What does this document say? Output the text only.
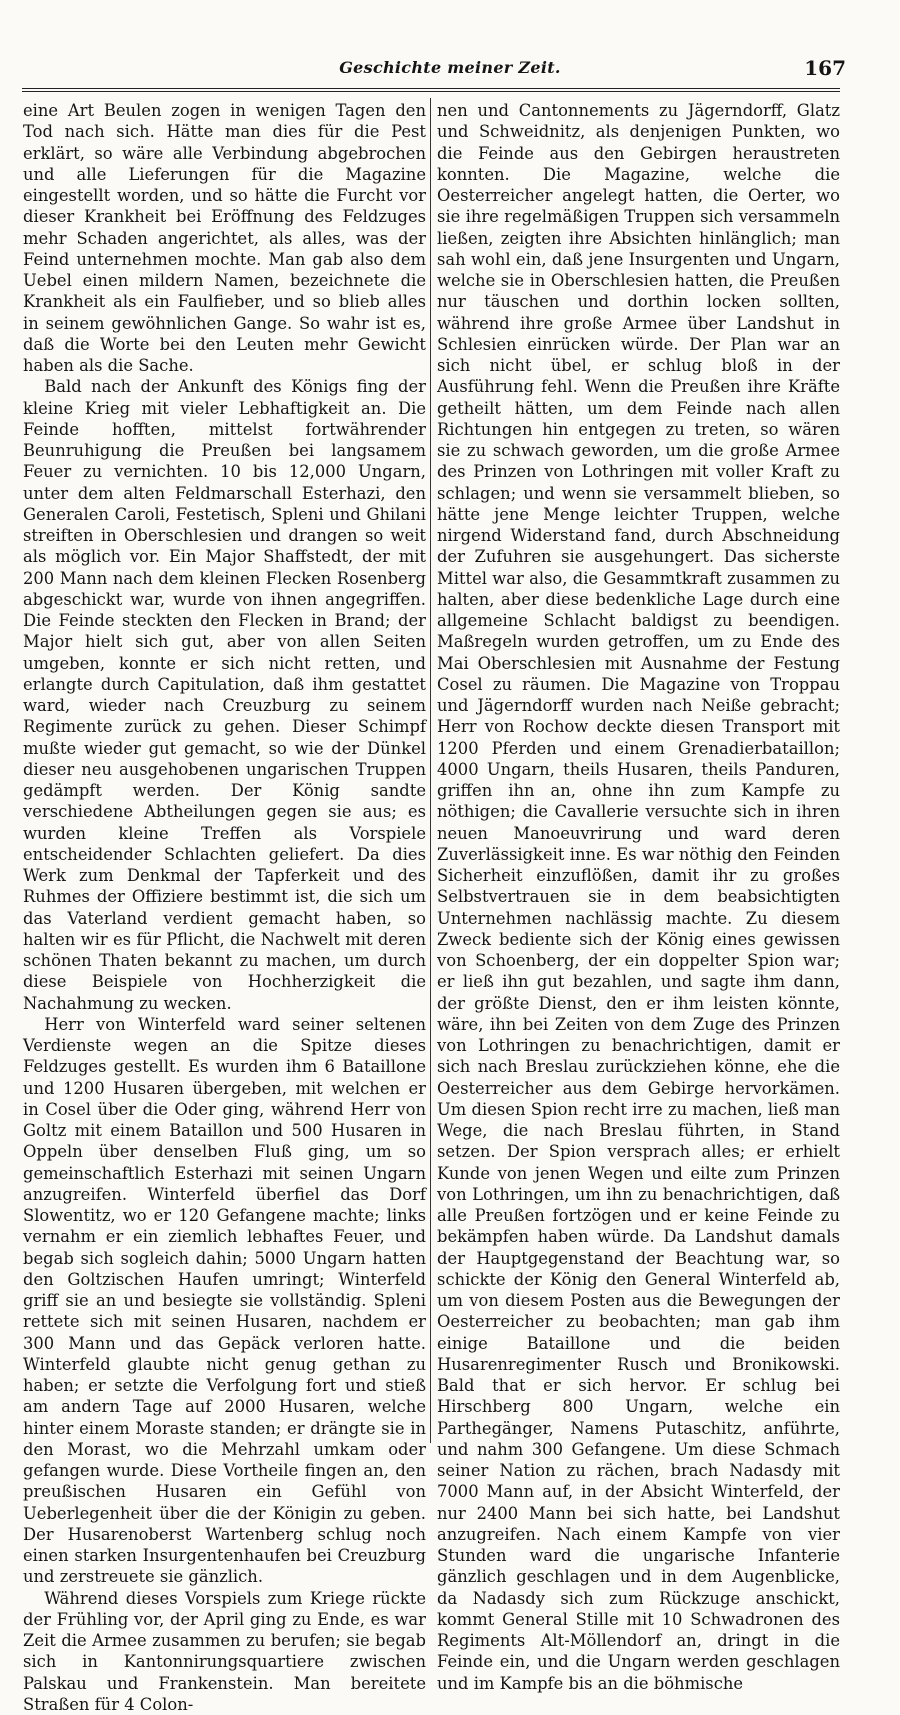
Geschichte meiner Zeit.	167

eine Art Beulen zogen in wenigen Tagen den Tod nach sich. Hätte man dies für die Pest erklärt, so wäre alle Verbindung abgebrochen und alle Lieferungen für die Magazine eingestellt worden, und so hätte die Furcht vor dieser Krankheit bei Eröffnung des Feldzuges mehr Schaden angerichtet, als alles, was der Feind unternehmen mochte. Man gab also dem Uebel einen mildern Namen, bezeichnete die Krankheit als ein Faulfieber, und so blieb alles in seinem gewöhnlichen Gange. So wahr ist es, daß die Worte bei den Leuten mehr Gewicht haben als die Sache.

Bald nach der Ankunft des Königs fing der kleine Krieg mit vieler Lebhaftigkeit an. Die Feinde hofften, mittelst fortwährender Beunruhigung die Preußen bei langsamem Feuer zu vernichten. 10 bis 12,000 Ungarn, unter dem alten Feldmarschall Esterhazi, den Generalen Caroli, Festetisch, Spleni und Ghilani streiften in Oberschlesien und drangen so weit als möglich vor. Ein Major Shaffstedt, der mit 200 Mann nach dem kleinen Flecken Rosenberg abgeschickt war, wurde von ihnen angegriffen. Die Feinde steckten den Flecken in Brand; der Major hielt sich gut, aber von allen Seiten umgeben, konnte er sich nicht retten, und erlangte durch Capitulation, daß ihm gestattet ward, wieder nach Creuzburg zu seinem Regimente zurück zu gehen. Dieser Schimpf mußte wieder gut gemacht, so wie der Dünkel dieser neu ausgehobenen ungarischen Truppen gedämpft werden. Der König sandte verschiedene Abtheilungen gegen sie aus; es wurden kleine Treffen als Vorspiele entscheidender Schlachten geliefert. Da dies Werk zum Denkmal der Tapferkeit und des Ruhmes der Offiziere bestimmt ist, die sich um das Vaterland verdient gemacht haben, so halten wir es für Pflicht, die Nachwelt mit deren schönen Thaten bekannt zu machen, um durch diese Beispiele von Hochherzigkeit die Nachahmung zu wecken.

Herr von Winterfeld ward seiner seltenen Verdienste wegen an die Spitze dieses Feldzuges gestellt. Es wurden ihm 6 Bataillone und 1200 Husaren übergeben, mit welchen er in Cosel über die Oder ging, während Herr von Goltz mit einem Bataillon und 500 Husaren in Oppeln über denselben Fluß ging, um so gemeinschaftlich Esterhazi mit seinen Ungarn anzugreifen. Winterfeld überfiel das Dorf Slowentitz, wo er 120 Gefangene machte; links vernahm er ein ziemlich lebhaftes Feuer, und begab sich sogleich dahin; 5000 Ungarn hatten den Goltzischen Haufen umringt; Winterfeld griff sie an und besiegte sie vollständig. Spleni rettete sich mit seinen Husaren, nachdem er 300 Mann und das Gepäck verloren hatte. Winterfeld glaubte nicht genug gethan zu haben; er setzte die Verfolgung fort und stieß am andern Tage auf 2000 Husaren, welche hinter einem Moraste standen; er drängte sie in den Morast, wo die Mehrzahl umkam oder gefangen wurde. Diese Vortheile fingen an, den preußischen Husaren ein Gefühl von Ueberlegenheit über die der Königin zu geben. Der Husarenoberst Wartenberg schlug noch einen starken Insurgentenhaufen bei Creuzburg und zerstreuete sie gänzlich.

Während dieses Vorspiels zum Kriege rückte der Frühling vor, der April ging zu Ende, es war Zeit die Armee zusammen zu berufen; sie begab sich in Kantonnirungsquartiere zwischen Palskau und Frankenstein. Man bereitete Straßen für 4 Colon-

nen und Cantonnements zu Jägerndorff, Glatz und Schweidnitz, als denjenigen Punkten, wo die Feinde aus den Gebirgen heraustreten konnten. Die Magazine, welche die Oesterreicher angelegt hatten, die Oerter, wo sie ihre regelmäßigen Truppen sich versammeln ließen, zeigten ihre Absichten hinlänglich; man sah wohl ein, daß jene Insurgenten und Ungarn, welche sie in Oberschlesien hatten, die Preußen nur täuschen und dorthin locken sollten, während ihre große Armee über Landshut in Schlesien einrücken würde. Der Plan war an sich nicht übel, er schlug bloß in der Ausführung fehl. Wenn die Preußen ihre Kräfte getheilt hätten, um dem Feinde nach allen Richtungen hin entgegen zu treten, so wären sie zu schwach geworden, um die große Armee des Prinzen von Lothringen mit voller Kraft zu schlagen; und wenn sie versammelt blieben, so hätte jene Menge leichter Truppen, welche nirgend Widerstand fand, durch Abschneidung der Zufuhren sie ausgehungert. Das sicherste Mittel war also, die Gesammtkraft zusammen zu halten, aber diese bedenkliche Lage durch eine allgemeine Schlacht baldigst zu beendigen. Maßregeln wurden getroffen, um zu Ende des Mai Oberschlesien mit Ausnahme der Festung Cosel zu räumen. Die Magazine von Troppau und Jägerndorff wurden nach Neiße gebracht; Herr von Rochow deckte diesen Transport mit 1200 Pferden und einem Grenadierbataillon; 4000 Ungarn, theils Husaren, theils Panduren, griffen ihn an, ohne ihn zum Kampfe zu nöthigen; die Cavallerie versuchte sich in ihren neuen Manoeuvrirung und ward deren Zuverlässigkeit inne. Es war nöthig den Feinden Sicherheit einzuflößen, damit ihr zu großes Selbstvertrauen sie in dem beabsichtigten Unternehmen nachlässig machte. Zu diesem Zweck bediente sich der König eines gewissen von Schoenberg, der ein doppelter Spion war; er ließ ihn gut bezahlen, und sagte ihm dann, der größte Dienst, den er ihm leisten könnte, wäre, ihn bei Zeiten von dem Zuge des Prinzen von Lothringen zu benachrichtigen, damit er sich nach Breslau zurückziehen könne, ehe die Oesterreicher aus dem Gebirge hervorkämen. Um diesen Spion recht irre zu machen, ließ man Wege, die nach Breslau führten, in Stand setzen. Der Spion versprach alles; er erhielt Kunde von jenen Wegen und eilte zum Prinzen von Lothringen, um ihn zu benachrichtigen, daß alle Preußen fortzögen und er keine Feinde zu bekämpfen haben würde. Da Landshut damals der Hauptgegenstand der Beachtung war, so schickte der König den General Winterfeld ab, um von diesem Posten aus die Bewegungen der Oesterreicher zu beobachten; man gab ihm einige Bataillone und die beiden Husarenregimenter Rusch und Bronikowski. Bald that er sich hervor. Er schlug bei Hirschberg 800 Ungarn, welche ein Parthegänger, Namens Putaschitz, anführte, und nahm 300 Gefangene. Um diese Schmach seiner Nation zu rächen, brach Nadasdy mit 7000 Mann auf, in der Absicht Winterfeld, der nur 2400 Mann bei sich hatte, bei Landshut anzugreifen. Nach einem Kampfe von vier Stunden ward die ungarische Infanterie gänzlich geschlagen und in dem Augenblicke, da Nadasdy sich zum Rückzuge anschickt, kommt General Stille mit 10 Schwadronen des Regiments Alt-Möllendorf an, dringt in die Feinde ein, und die Ungarn werden geschlagen und im Kampfe bis an die böhmische
